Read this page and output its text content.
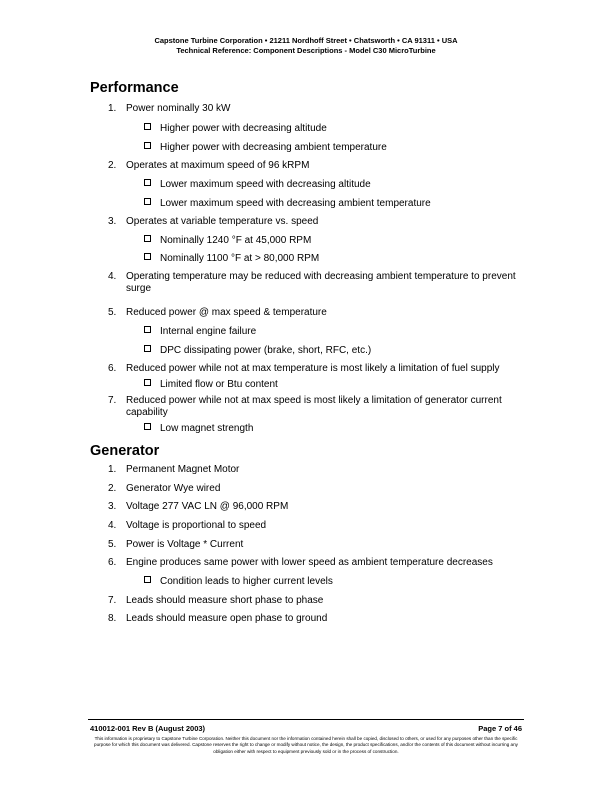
Capstone Turbine Corporation • 21211 Nordhoff Street • Chatsworth • CA 91311 • USA
Technical Reference: Component Descriptions - Model C30 MicroTurbine
Performance
1. Power nominally 30 kW
Higher power with decreasing altitude
Higher power with decreasing ambient temperature
2. Operates at maximum speed of 96 kRPM
Lower maximum speed with decreasing altitude
Lower maximum speed with decreasing ambient temperature
3. Operates at variable temperature vs. speed
Nominally 1240 °F at 45,000 RPM
Nominally 1100 °F at > 80,000 RPM
4. Operating temperature may be reduced with decreasing ambient temperature to prevent surge
5. Reduced power @ max speed & temperature
Internal engine failure
DPC dissipating power (brake, short, RFC, etc.)
6. Reduced power while not at max temperature is most likely a limitation of fuel supply
Limited flow or Btu content
7. Reduced power while not at max speed is most likely a limitation of generator current capability
Low magnet strength
Generator
1. Permanent Magnet Motor
2. Generator Wye wired
3. Voltage 277 VAC LN @ 96,000 RPM
4. Voltage is proportional to speed
5. Power is Voltage * Current
6. Engine produces same power with lower speed as ambient temperature decreases
Condition leads to higher current levels
7. Leads should measure short phase to phase
8. Leads should measure open phase to ground
410012-001 Rev B (August 2003)	Page 7 of 46
This information is proprietary to Capstone Turbine Corporation. Neither this document nor the information contained herein shall be copied, disclosed to others, or used for any purposes other than the specific purpose for which this document was delivered. Capstone reserves the right to change or modify without notice, the design, the product specifications, and/or the contents of this document without incurring any obligation either with respect to equipment previously sold or in the process of construction.
